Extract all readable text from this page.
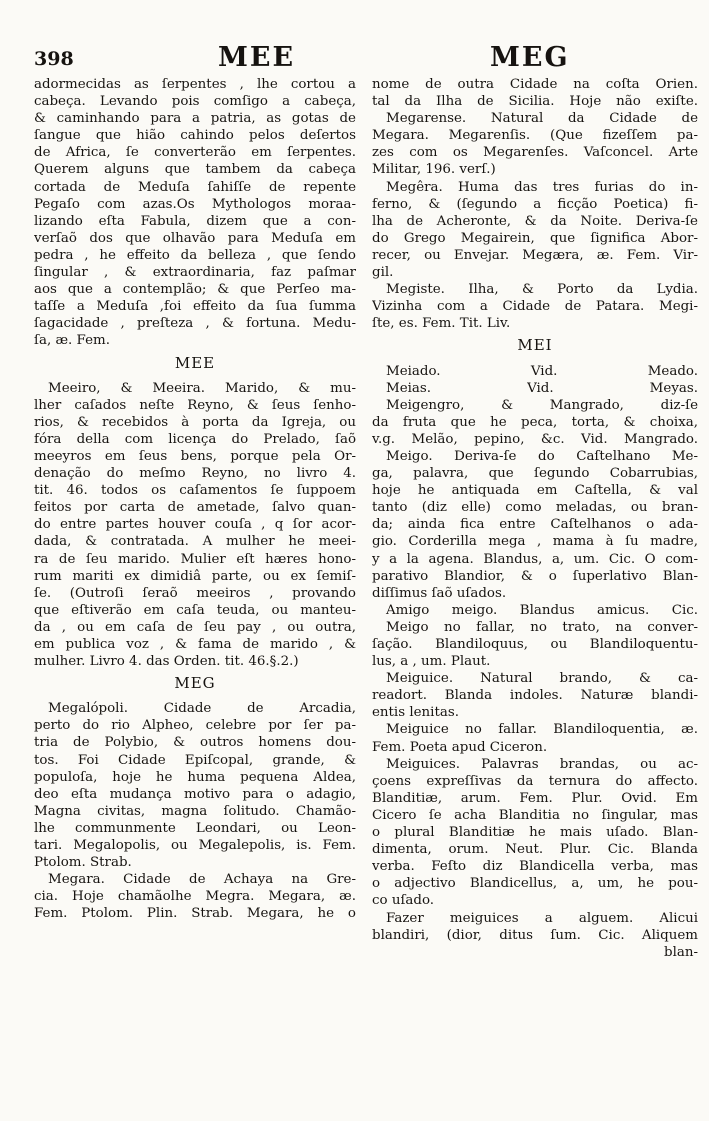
398	MEE	MEG
adormecidas as ſerpentes , lhe cortou a
cabeça. Levando pois comſigo a cabeça,
& caminhando para a patria, as gotas de
ſangue que hião cahindo pelos deſertos
de Africa, ſe converterão em ſerpentes.
Querem alguns que tambem da cabeça
cortada de Meduſa ſahiſſe de repente
Pegaſo com azas.Os Mythologos moraa-
lizando eſta Fabula, dizem que a con-
verſaõ dos que olhavão para Meduſa em
pedra , he effeito da belleza , que ſendo
ſingular , & extraordinaria, faz paſmar
aos que a contemplão; & que Perſeo ma-
taſſe a Meduſa ,foi effeito da ſua ſumma
ſagacidade , preſteza , & fortuna. Medu-
ſa, æ. Fem.
MEE
Meeiro, & Meeira. Marido, & mu-
lher caſados neſte Reyno, & ſeus ſenho-
rios, & recebidos à porta da Igreja, ou
fóra della com licença do Prelado, ſaõ
meeyros em ſeus bens, porque pela Or-
denação do meſmo Reyno, no livro 4.
tit. 46. todos os caſamentos ſe ſuppoem
feitos por carta de ametade, ſalvo quan-
do entre partes houver couſa , q ſor acor-
dada, & contratada. A mulher he meei-
ra de ſeu marido. Mulier eſt hæres hono-
rum mariti ex dimidiâ parte, ou ex ſemiſ-
ſe. (Outroſi ſeraõ meeiros , provando
que eſtiverão em caſa teuda, ou manteu-
da , ou em caſa de ſeu pay , ou outra,
em publica voz , & fama de marido , &
mulher. Livro 4. das Orden. tit. 46.§.2.)
MEG
Megalópoli. Cidade de Arcadia,
perto do rio Alpheo, celebre por ſer pa-
tria de Polybio, & outros homens dou-
tos. Foi Cidade Epiſcopal, grande, &
populoſa, hoje he huma pequena Aldea,
deo eſta mudança motivo para o adagio,
Magna civitas, magna ſolitudo. Chamão-
lhe communmente Leondari, ou Leon-
tari. Megalopolis, ou Megalepolis, is. Fem.
Ptolom. Strab.
Megara. Cidade de Achaya na Gre-
cia. Hoje chamãolhe Megra. Megara, æ.
Fem. Ptolom. Plin. Strab. Megara, he o
nome de outra Cidade na coſta Orien.
tal da Ilha de Sicilia. Hoje não exiſte.
Megarense. Natural da Cidade de
Megara. Megarenſis. (Que fizeſſem pa-
zes com os Megarenſes. Vaſconcel. Arte
Militar, 196. verſ.)
Megêra. Huma das tres furias do in-
ferno, & (ſegundo a ficção Poetica) fi-
lha de Acheronte, & da Noite. Deriva-ſe
do Grego Megairein, que ſignifica Abor-
recer, ou Envejar. Megæra, æ. Fem. Vir-
gil.
Megiste. Ilha, & Porto da Lydia.
Vizinha com a Cidade de Patara. Megi-
ſte, es. Fem. Tit. Liv.
MEI
Meiado. Vid. Meado.
Meias. Vid. Meyas.
Meigengro, & Mangrado, diz-ſe
da fruta que he peca, torta, & choixa,
v.g. Melão, pepino, &c. Vid. Mangrado.
Meigo. Deriva-ſe do Caſtelhano Me-
ga, palavra, que ſegundo Cobarrubias,
hoje he antiquada em Caſtella, & val
tanto (diz elle) como meladas, ou bran-
da; ainda fica entre Caſtelhanos o ada-
gio. Corderilla mega , mama à ſu madre,
y a la agena. Blandus, a, um. Cic. O com-
parativo Blandior, & o ſuperlativo Blan-
diſſimus ſaõ uſados.
Amigo meigo. Blandus amicus. Cic.
Meigo no fallar, no trato, na conver-
ſação. Blandiloquus, ou Blandiloquentu-
lus, a , um. Plaut.
Meiguice. Natural brando, & ca-
readort. Blanda indoles. Naturæ blandi-
entis lenitas.
Meiguice no fallar. Blandiloquentia, æ.
Fem. Poeta apud Ciceron.
Meiguices. Palavras brandas, ou ac-
çoens expreſſivas da ternura do affecto.
Blanditiæ, arum. Fem. Plur. Ovid. Em
Cicero ſe acha Blanditia no ſingular, mas
o plural Blanditiæ he mais uſado. Blan-
dimenta, orum. Neut. Plur. Cic. Blanda
verba. Feſto diz Blandicella verba, mas
o adjectivo Blandicellus, a, um, he pou-
co uſado.
Fazer meiguices a alguem. Alicui
blandiri, (dior, ditus ſum. Cic. Aliquem
blan-
